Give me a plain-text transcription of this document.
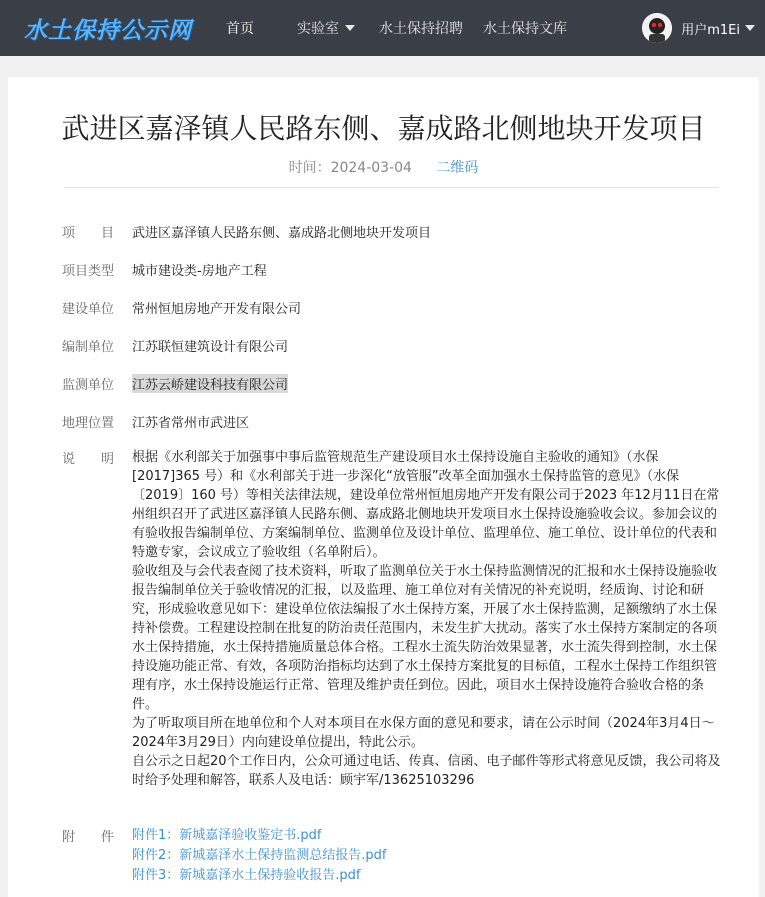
水土保持公示网	首页	实验室	水土保持招聘 水土保持文库	用户m1Ei
武进区嘉泽镇人民路东侧、嘉成路北侧地块开发项目
时间：2024-03-04 二维码
项　　目	武进区嘉泽镇人民路东侧、嘉成路北侧地块开发项目
项目类型	城市建设类-房地产工程
建设单位	常州恒旭房地产开发有限公司
编制单位	江苏联恒建筑设计有限公司
监测单位	江苏云峤建设科技有限公司
地理位置	江苏省常州市武进区
说　　明	根据《水利部关于加强事中事后监管规范生产建设项目水土保持设施自主验收的通知》（水保[2017]365 号）和《水利部关于进一步深化“放管服”改革全面加强水土保持监管的意见》（水保〔2019〕160 号）等相关法律法规，建设单位常州恒旭房地产开发有限公司于2023 年12月11日在常州组织召开了武进区嘉泽镇人民路东侧、嘉成路北侧地块开发项目水土保持设施验收会议。参加会议的有验收报告编制单位、方案编制单位、监测单位及设计单位、监理单位、施工单位、设计单位的代表和特邀专家，会议成立了验收组（名单附后）。

验收组及与会代表查阅了技术资料，听取了监测单位关于水土保持监测情况的汇报和水土保持设施验收报告编制单位关于验收情况的汇报，以及监理、施工单位对有关情况的补充说明，经质询、讨论和研究，形成验收意见如下：建设单位依法编报了水土保持方案，开展了水土保持监测，足额缴纳了水土保持补偿费。工程建设控制在批复的防治责任范围内，未发生扩大扰动。落实了水土保持方案制定的各项水土保持措施，水土保持措施质量总体合格。工程水土流失防治效果显著，水土流失得到控制，水土保持设施功能正常、有效，各项防治指标均达到了水土保持方案批复的目标值，工程水土保持工作组织管理有序，水土保持设施运行正常、管理及维护责任到位。因此，项目水土保持设施符合验收合格的条件。

为了听取项目所在地单位和个人对本项目在水保方面的意见和要求，请在公示时间（2024年3月4日～2024年3月29日）内向建设单位提出，特此公示。

自公示之日起20个工作日内，公众可通过电话、传真、信函、电子邮件等形式将意见反馈，我公司将及时给予处理和解答，联系人及电话：顾宇军/13625103296

附　　件	附件1：新城嘉泽验收鉴定书.pdf
附件2：新城嘉泽水土保持监测总结报告.pdf
附件3：新城嘉泽水土保持验收报告.pdf
